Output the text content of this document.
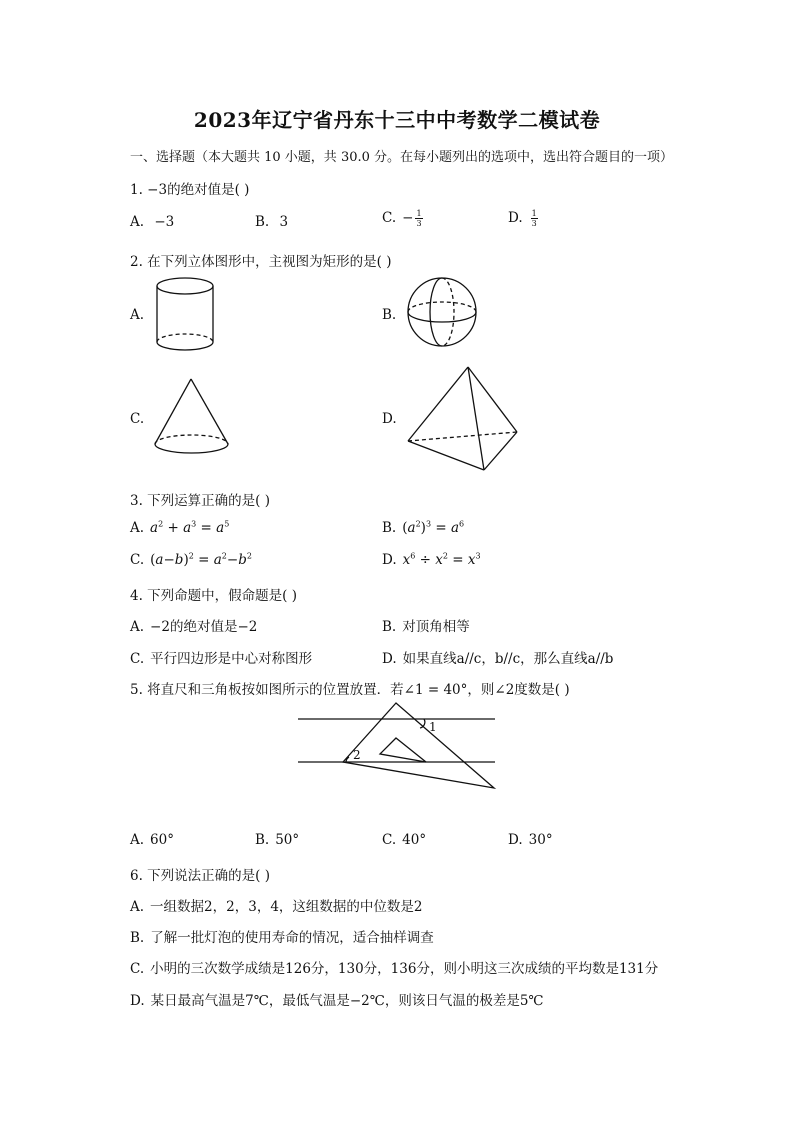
2023年辽宁省丹东十三中中考数学二模试卷
一、选择题（本大题共 10 小题，共 30.0 分。在每小题列出的选项中，选出符合题目的一项）
1. −3的绝对值是( )
A. −3	B. 3	C. − $\frac{1}{3}$	D. $\frac{1}{3}$
2. 在下列立体图形中，主视图为矩形的是( )
A.	B.
C.	D.
3. 下列运算正确的是( )
A. $a^2 + a^3 = a^5$	B. $(a^2)^3 = a^6$
C. $(a-b)^2 = a^2-b^2$	D. $x^6 \div x^2 = x^3$
4. 下列命题中，假命题是( )
A. −2的绝对值是−2	B. 对顶角相等
C. 平行四边形是中心对称图形	D. 如果直线a//c，b//c，那么直线a//b
5. 将直尺和三角板按如图所示的位置放置．若∠1 = 40°，则∠2度数是( )
1
2
A. 60°	B. 50°	C. 40°	D. 30°
6. 下列说法正确的是( )
A. 一组数据2，2，3，4，这组数据的中位数是2
B. 了解一批灯泡的使用寿命的情况，适合抽样调查
C. 小明的三次数学成绩是126分，130分，136分，则小明这三次成绩的平均数是131分
D. 某日最高气温是7℃，最低气温是−2℃，则该日气温的极差是5℃
